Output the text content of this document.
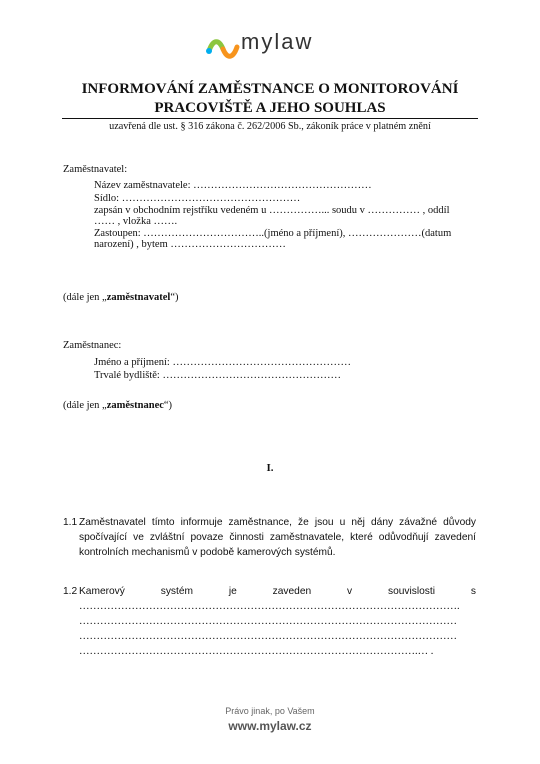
mylaw
INFORMOVÁNÍ ZAMĚSTNANCE O MONITOROVÁNÍ
PRACOVIŠTĚ A JEHO SOUHLAS
uzavřená dle ust. § 316 zákona č. 262/2006 Sb., zákoník práce v platném znění
Zaměstnavatel:
Název zaměstnavatele: ……………………………………………
Sídlo: ……………………………………………
zapsán v obchodním rejstříku vedeném u ……………... soudu v …………… , oddíl
…… , vložka …….
Zastoupen: ……………………………..(jméno a příjmení), …………………(datum
narození) , bytem ……………………………
(dále jen „zaměstnavatel“)
Zaměstnanec:
Jméno a příjmení: ……………………………………………
Trvalé bydliště: ……………………………………………
(dále jen „zaměstnanec“)
I.
1.1 Zaměstnavatel tímto informuje zaměstnance, že jsou u něj dány závažné důvody
spočívající ve zvláštní povaze činnosti zaměstnavatele, které odůvodňují zavedení
kontrolních mechanismů v podobě kamerových systémů.
1.2 Kamerový	systém	je	zaveden	v	souvislosti	s
……………………………………………………………………………………………….
………………………………………………………………………………………………
………………………………………………………………………………………………
…………………………………………………………………………………….… .
Právo jinak, po Vašem
www.mylaw.cz
